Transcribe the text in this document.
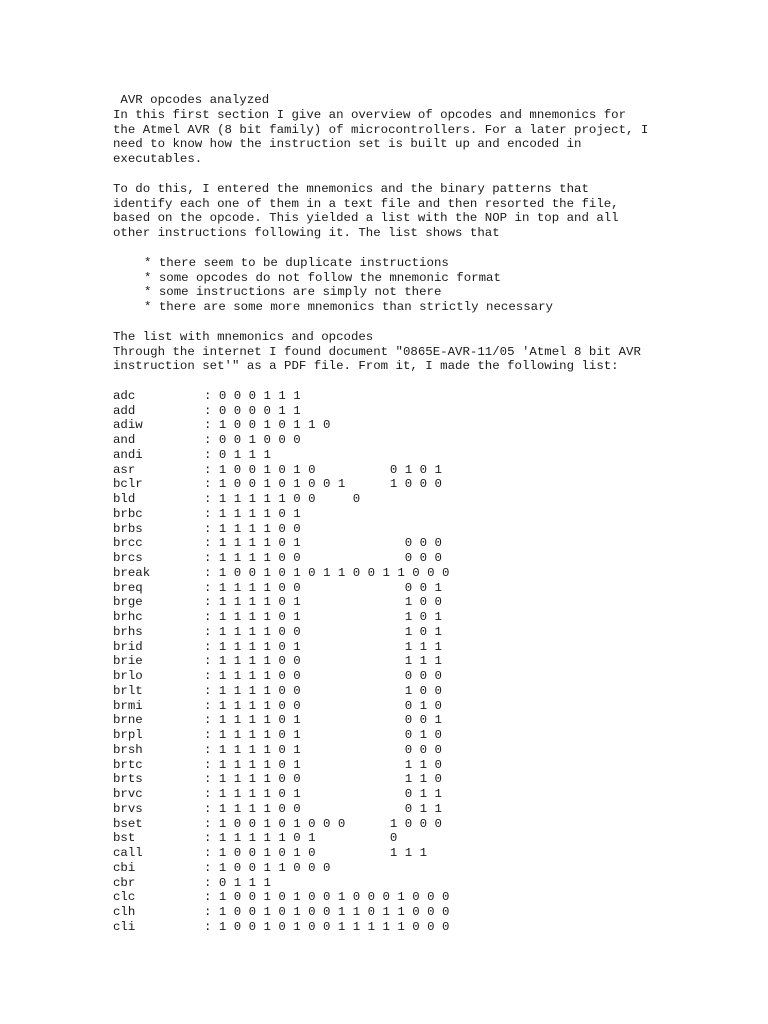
AVR opcodes analyzed
In this first section I give an overview of opcodes and mnemonics for
the Atmel AVR (8 bit family) of microcontrollers. For a later project, I
need to know how the instruction set is built up and encoded in
executables.
To do this, I entered the mnemonics and the binary patterns that
identify each one of them in a text file and then resorted the file,
based on the opcode. This yielded a list with the NOP in top and all
other instructions following it. The list shows that
* there seem to be duplicate instructions
* some opcodes do not follow the mnemonic format
* some instructions are simply not there
* there are some more mnemonics than strictly necessary
The list with mnemonics and opcodes
Through the internet I found document "0865E-AVR-11/05 'Atmel 8 bit AVR
instruction set'" as a PDF file. From it, I made the following list:
adc	: 0 0 0 1 1 1
add	: 0 0 0 0 1 1
adiw	: 1 0 0 1 0 1 1 0
and	: 0 0 1 0 0 0
andi	: 0 1 1 1
asr	: 1 0 0 1 0 1 0          0 1 0 1
bclr	: 1 0 0 1 0 1 0 0 1      1 0 0 0
bld	: 1 1 1 1 1 0 0     0
brbc	: 1 1 1 1 0 1
brbs	: 1 1 1 1 0 0
brcc	: 1 1 1 1 0 1              0 0 0
brcs	: 1 1 1 1 0 0              0 0 0
break	: 1 0 0 1 0 1 0 1 1 0 0 1 1 0 0 0
breq	: 1 1 1 1 0 0              0 0 1
brge	: 1 1 1 1 0 1              1 0 0
brhc	: 1 1 1 1 0 1              1 0 1
brhs	: 1 1 1 1 0 0              1 0 1
brid	: 1 1 1 1 0 1              1 1 1
brie	: 1 1 1 1 0 0              1 1 1
brlo	: 1 1 1 1 0 0              0 0 0
brlt	: 1 1 1 1 0 0              1 0 0
brmi	: 1 1 1 1 0 0              0 1 0
brne	: 1 1 1 1 0 1              0 0 1
brpl	: 1 1 1 1 0 1              0 1 0
brsh	: 1 1 1 1 0 1              0 0 0
brtc	: 1 1 1 1 0 1              1 1 0
brts	: 1 1 1 1 0 0              1 1 0
brvc	: 1 1 1 1 0 1              0 1 1
brvs	: 1 1 1 1 0 0              0 1 1
bset	: 1 0 0 1 0 1 0 0 0      1 0 0 0
bst	: 1 1 1 1 1 0 1          0
call	: 1 0 0 1 0 1 0          1 1 1
cbi	: 1 0 0 1 1 0 0 0
cbr	: 0 1 1 1
clc	: 1 0 0 1 0 1 0 0 1 0 0 0 1 0 0 0
clh	: 1 0 0 1 0 1 0 0 1 1 0 1 1 0 0 0
cli	: 1 0 0 1 0 1 0 0 1 1 1 1 1 0 0 0
